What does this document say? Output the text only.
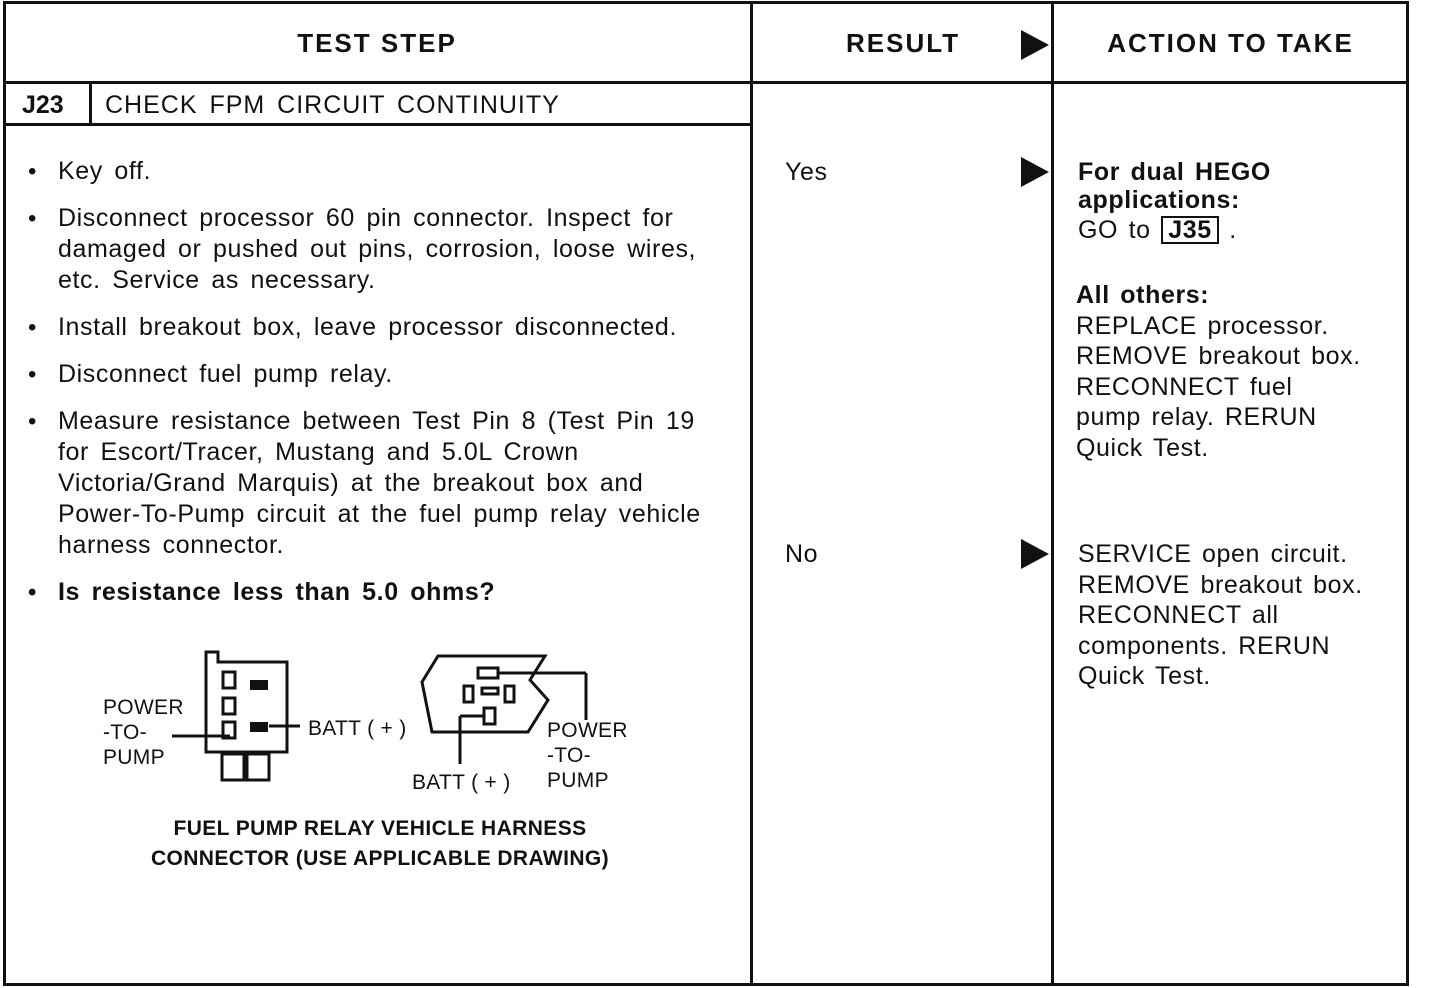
TEST STEP	RESULT	ACTION TO TAKE
J23 CHECK FPM CIRCUIT CONTINUITY
• Key off.
• Disconnect processor 60 pin connector. Inspect for damaged or pushed out pins, corrosion, loose wires, etc. Service as necessary.
• Install breakout box, leave processor disconnected.
• Disconnect fuel pump relay.
• Measure resistance between Test Pin 8 (Test Pin 19 for Escort/Tracer, Mustang and 5.0L Crown Victoria/Grand Marquis) at the breakout box and Power-To-Pump circuit at the fuel pump relay vehicle harness connector.
• Is resistance less than 5.0 ohms?
POWER
-TO-
PUMP
BATT ( + )
BATT ( + )
POWER
-TO-
PUMP
FUEL PUMP RELAY VEHICLE HARNESS
CONNECTOR (USE APPLICABLE DRAWING)
Yes	For dual HEGO
applications:
GO to J35 .
All others:
REPLACE processor.
REMOVE breakout box.
RECONNECT fuel
pump relay. RERUN
Quick Test.
No	SERVICE open circuit.
REMOVE breakout box.
RECONNECT all
components. RERUN
Quick Test.
